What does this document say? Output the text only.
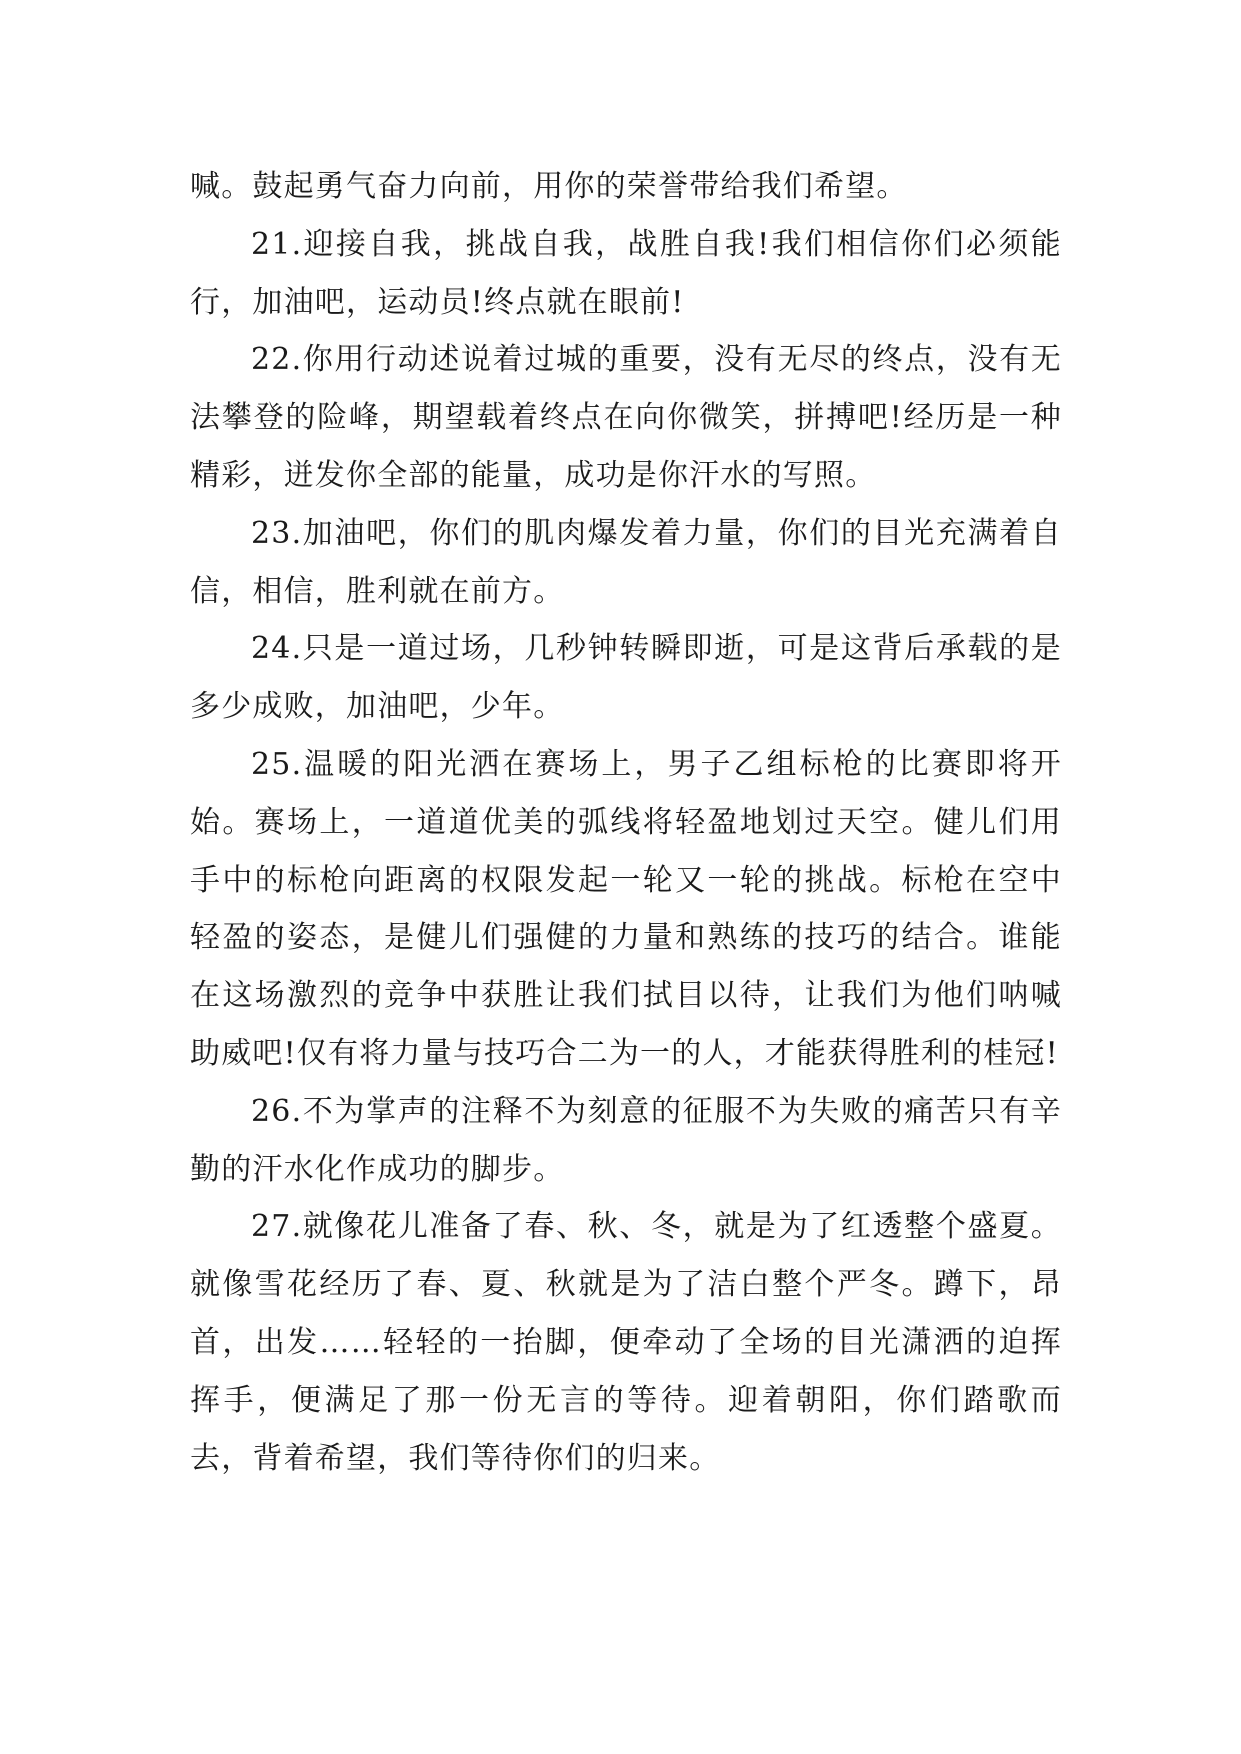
喊。鼓起勇气奋力向前，用你的荣誉带给我们希望。

21.迎接自我，挑战自我，战胜自我!我们相信你们必须能行，加油吧，运动员!终点就在眼前!

22.你用行动述说着过城的重要，没有无尽的终点，没有无法攀登的险峰，期望载着终点在向你微笑，拼搏吧!经历是一种精彩，迸发你全部的能量，成功是你汗水的写照。

23.加油吧，你们的肌肉爆发着力量，你们的目光充满着自信，相信，胜利就在前方。

24.只是一道过场，几秒钟转瞬即逝，可是这背后承载的是多少成败，加油吧，少年。

25.温暖的阳光洒在赛场上，男子乙组标枪的比赛即将开始。赛场上，一道道优美的弧线将轻盈地划过天空。健儿们用手中的标枪向距离的权限发起一轮又一轮的挑战。标枪在空中轻盈的姿态，是健儿们强健的力量和熟练的技巧的结合。谁能在这场激烈的竞争中获胜让我们拭目以待，让我们为他们呐喊助威吧!仅有将力量与技巧合二为一的人，才能获得胜利的桂冠!

26.不为掌声的注释不为刻意的征服不为失败的痛苦只有辛勤的汗水化作成功的脚步。

27.就像花儿准备了春、秋、冬，就是为了红透整个盛夏。就像雪花经历了春、夏、秋就是为了洁白整个严冬。蹲下，昂首，出发……轻轻的一抬脚，便牵动了全场的目光潇洒的迫挥挥手，便满足了那一份无言的等待。迎着朝阳，你们踏歌而去，背着希望，我们等待你们的归来。
